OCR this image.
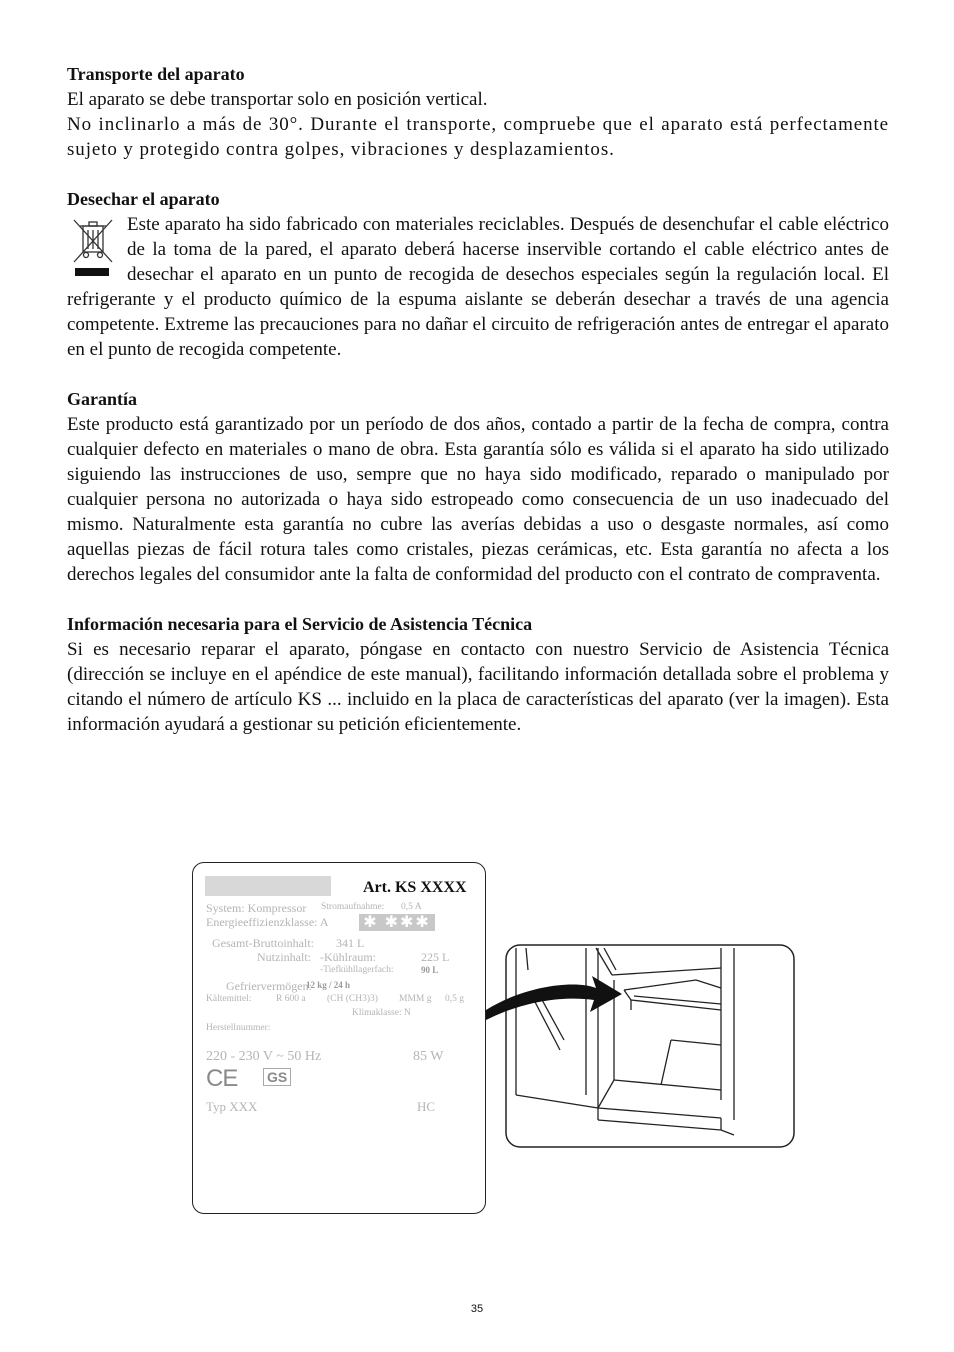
Transporte del aparato

El aparato se debe transportar solo en posición vertical.

No inclinarlo a más de 30°. Durante el transporte, compruebe que el aparato está perfectamente sujeto y protegido contra golpes, vibraciones y desplazamientos.

Desechar el aparato

Este aparato ha sido fabricado con materiales reciclables. Después de desenchufar el cable eléctrico de la toma de la pared, el aparato deberá hacerse inservible cortando el cable eléctrico antes de desechar el aparato en un punto de recogida de desechos especiales según la regulación local. El refrigerante y el producto químico de la espuma aislante se deberán desechar a través de una agencia competente. Extreme las precauciones para no dañar el circuito de refrigeración antes de entregar el aparato en el punto de recogida competente.

Garantía

Este producto está garantizado por un período de dos años, contado a partir de la fecha de compra, contra cualquier defecto en materiales o mano de obra. Esta garantía sólo es válida si el aparato ha sido utilizado siguiendo las instrucciones de uso, sempre que no haya sido modificado, reparado o manipulado por cualquier persona no autorizada o haya sido estropeado como consecuencia de un uso inadecuado del mismo. Naturalmente esta garantía no cubre las averías debidas a uso o desgaste normales, así como aquellas piezas de fácil rotura tales como cristales, piezas cerámicas, etc. Esta garantía no afecta a los derechos legales del consumidor ante la falta de conformidad del producto con el contrato de compraventa.

Información necesaria para el Servicio de Asistencia Técnica

Si es necesario reparar el aparato, póngase en contacto con nuestro Servicio de Asistencia Técnica (dirección se incluye en el apéndice de este manual), facilitando información detallada sobre el problema y citando el número de artículo KS ... incluido en la placa de características del aparato (ver la imagen). Esta información ayudará a gestionar su petición eficientemente.

Art. KS XXXX
System: Kompressor Stromaufnahme: 0,5 A
Energieeffizienzklasse: A ✱ ✱✱✱
Gesamt-Bruttoinhalt: 341 L
Nutzinhalt: -Kühlraum:	225 L
-Tiefkühllagerfach:	90 L
Gefriervermögen:
12 kg / 24 h
Kältemittel:	R 600 a (CH (CH3)3) MMM g 0,5 g
Klimaklasse: N
Herstellnummer:
220 - 230 V ~ 50 Hz	85 W
CE GS
Typ XXX	HC
35
